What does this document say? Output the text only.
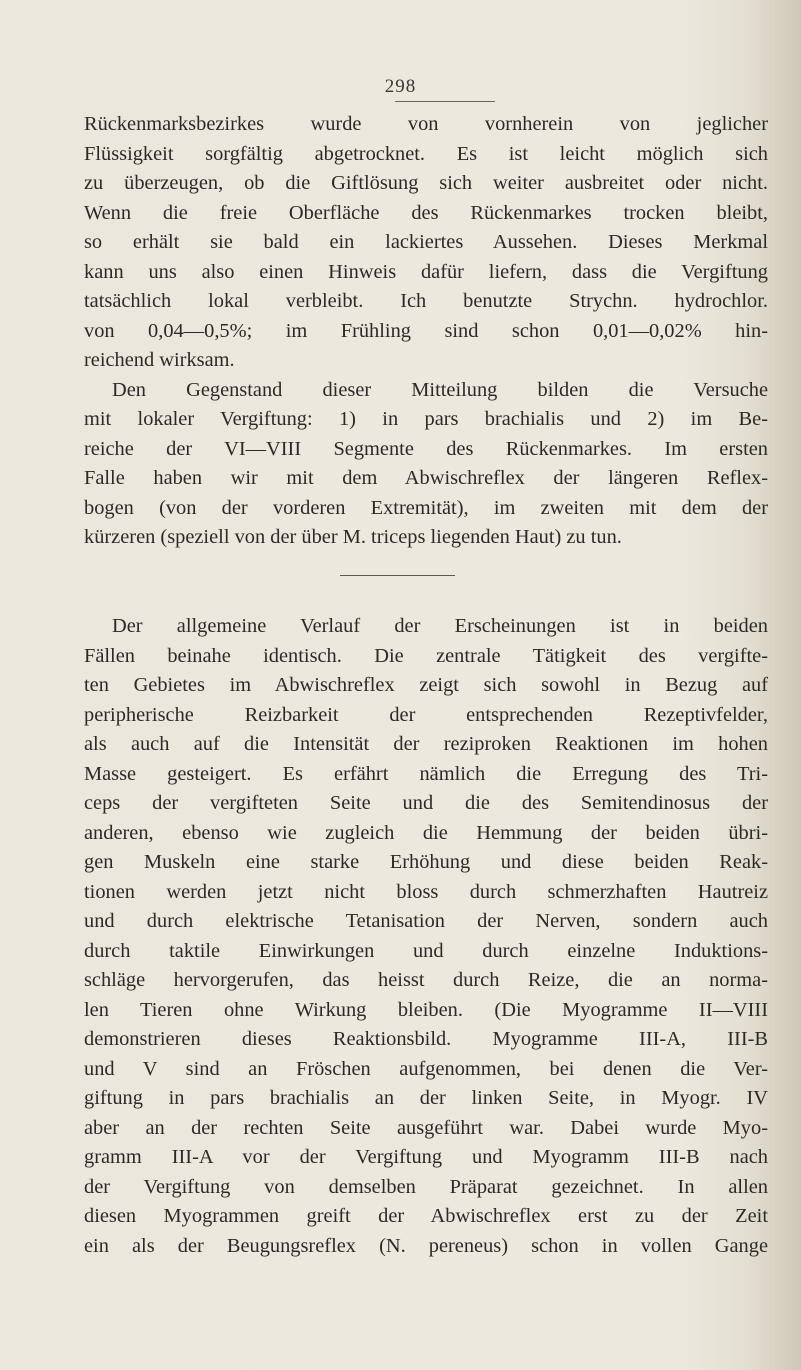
298

Rückenmarksbezirkes wurde von vornherein von jeglicher
Flüssigkeit sorgfältig abgetrocknet. Es ist leicht möglich sich
zu überzeugen, ob die Giftlösung sich weiter ausbreitet oder nicht.
Wenn die freie Oberfläche des Rückenmarkes trocken bleibt,
so erhält sie bald ein lackiertes Aussehen. Dieses Merkmal
kann uns also einen Hinweis dafür liefern, dass die Vergiftung
tatsächlich lokal verbleibt. Ich benutzte Strychn. hydrochlor.
von 0,04—0,5%; im Frühling sind schon 0,01—0,02% hin-
reichend wirksam.

Den Gegenstand dieser Mitteilung bilden die Versuche
mit lokaler Vergiftung: 1) in pars brachialis und 2) im Be-
reiche der VI—VIII Segmente des Rückenmarkes. Im ersten
Falle haben wir mit dem Abwischreflex der längeren Reflex-
bogen (von der vorderen Extremität), im zweiten mit dem der
kürzeren (speziell von der über M. triceps liegenden Haut) zu tun.

Der allgemeine Verlauf der Erscheinungen ist in beiden
Fällen beinahe identisch. Die zentrale Tätigkeit des vergifte-
ten Gebietes im Abwischreflex zeigt sich sowohl in Bezug auf
peripherische Reizbarkeit der entsprechenden Rezeptivfelder,
als auch auf die Intensität der reziproken Reaktionen im hohen
Masse gesteigert. Es erfährt nämlich die Erregung des Tri-
ceps der vergifteten Seite und die des Semitendinosus der
anderen, ebenso wie zugleich die Hemmung der beiden übri-
gen Muskeln eine starke Erhöhung und diese beiden Reak-
tionen werden jetzt nicht bloss durch schmerzhaften Hautreiz
und durch elektrische Tetanisation der Nerven, sondern auch
durch taktile Einwirkungen und durch einzelne Induktions-
schläge hervorgerufen, das heisst durch Reize, die an norma-
len Tieren ohne Wirkung bleiben. (Die Myogramme II—VIII
demonstrieren dieses Reaktionsbild. Myogramme III-A, III-B
und V sind an Fröschen aufgenommen, bei denen die Ver-
giftung in pars brachialis an der linken Seite, in Myogr. IV
aber an der rechten Seite ausgeführt war. Dabei wurde Myo-
gramm III-A vor der Vergiftung und Myogramm III-B nach
der Vergiftung von demselben Präparat gezeichnet. In allen
diesen Myogrammen greift der Abwischreflex erst zu der Zeit
ein als der Beugungsreflex (N. pereneus) schon in vollen Gange
